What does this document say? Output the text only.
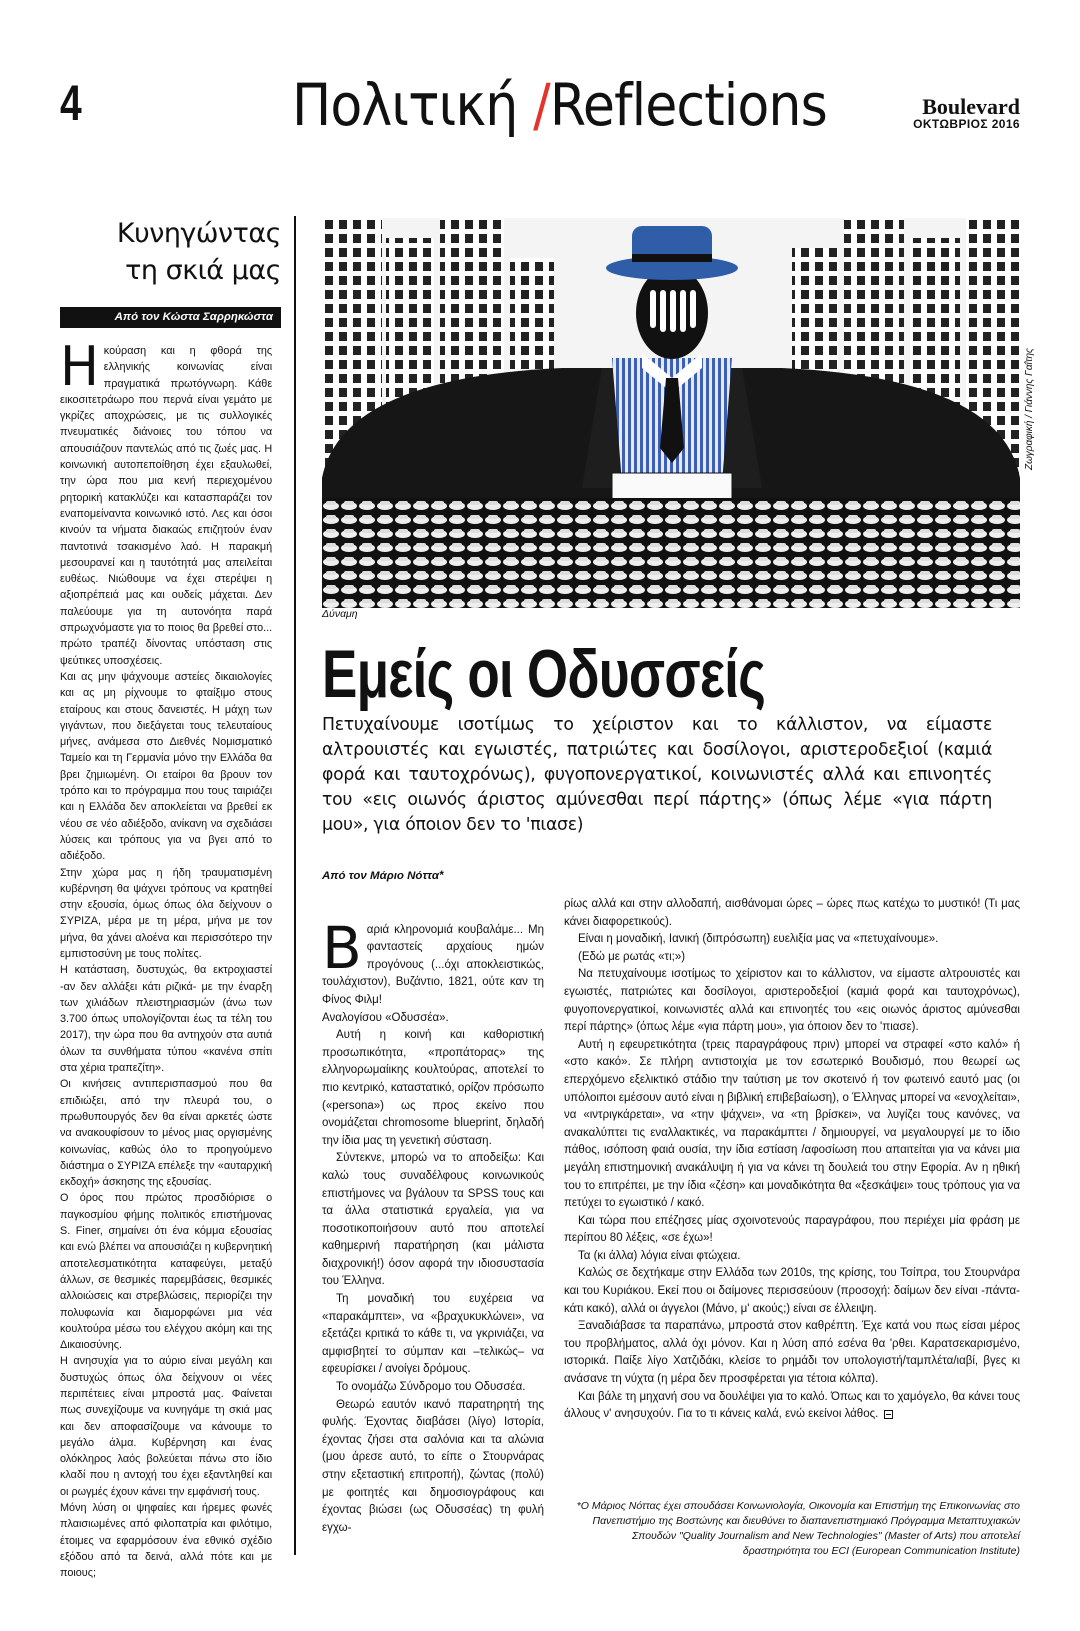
4	Πολιτική /Reflections	Boulevard
ΟΚΤΩΒΡΙΟΣ 2016
Κυνηγώντας
τη σκιά μας
Από τον Κώστα Σαρρηκώστα

Ηκούραση και η φθορά της ελληνικής κοινωνίας είναι πραγματικά πρωτόγνωρη. Κάθε εικοσιτετράωρο που περνά είναι γεμάτο με γκρίζες αποχρώσεις, με τις συλλογικές πνευματικές διάνοιες του τόπου να απουσιάζουν παντελώς από τις ζωές μας. Η κοινωνική αυτοπεποίθηση έχει εξαυλωθεί, την ώρα που μια κενή περιεχομένου ρητορική κατακλύζει και κατασπαράζει τον εναπομείναντα κοινωνικό ιστό. Λες και όσοι κινούν τα νήματα διακαώς επιζητούν έναν παντοτινά τσακισμένο λαό. Η παρακμή μεσουρανεί και η ταυτότητά μας απειλείται ευθέως. Νιώθουμε να έχει στερέψει η αξιοπρέπειά μας και ουδείς μάχεται. Δεν παλεύουμε για τη αυτονόητα παρά σπρωχνόμαστε για το ποιος θα βρεθεί στο... πρώτο τραπέζι δίνοντας υπόσταση στις ψεύτικες υποσχέσεις.

Και ας μην ψάχνουμε αστείες δικαιολογίες και ας μη ρίχνουμε το φταίξιμο στους εταίρους και στους δανειστές. Η μάχη των γιγάντων, που διεξάγεται τους τελευταίους μήνες, ανάμεσα στο Διεθνές Νομισματικό Ταμείο και τη Γερμανία μόνο την Ελλάδα θα βρει ζημιωμένη. Οι εταίροι θα βρουν τον τρόπο και το πρόγραμμα που τους ταιριάζει και η Ελλάδα δεν αποκλείεται να βρεθεί εκ νέου σε νέο αδιέξοδο, ανίκανη να σχεδιάσει λύσεις και τρόπους για να βγει από το αδιέξοδο.

Στην χώρα μας η ήδη τραυματισμένη κυβέρνηση θα ψάχνει τρόπους να κρατηθεί στην εξουσία, όμως όπως όλα δείχνουν ο ΣΥΡΙΖΑ, μέρα με τη μέρα, μήνα με τον μήνα, θα χάνει αλοένα και περισσότερο την εμπιστοσύνη με τους πολίτες.

Η κατάσταση, δυστυχώς, θα εκτροχιαστεί -αν δεν αλλάξει κάτι ριζικά- με την έναρξη των χιλιάδων πλειστηριασμών (άνω των 3.700 όπως υπολογίζονται έως τα τέλη του 2017), την ώρα που θα αντηχούν στα αυτιά όλων τα συνθήματα τύπου «κανένα σπίτι στα χέρια τραπεζίτη».

Οι κινήσεις αντιπερισπασμού που θα επιδιώξει, από την πλευρά του, ο πρωθυπουργός δεν θα είναι αρκετές ώστε να ανακουφίσουν το μένος μιας οργισμένης κοινωνίας, καθώς όλο το προηγούμενο διάστημα ο ΣΥΡΙΖΑ επέλεξε την «αυταρχική εκδοχή» άσκησης της εξουσίας.

Ο όρος που πρώτος προσδιόρισε ο παγκοσμίου φήμης πολιτικός επιστήμονας S. Finer, σημαίνει ότι ένα κόμμα εξουσίας και ενώ βλέπει να απουσιάζει η κυβερνητική αποτελεσματικότητα καταφεύγει, μεταξύ άλλων, σε θεσμικές παρεμβάσεις, θεσμικές αλλοιώσεις και στρεβλώσεις, περιορίζει την πολυφωνία και διαμορφώνει μια νέα κουλτούρα μέσω του ελέγχου ακόμη και της Δικαιοσύνης.

Η ανησυχία για το αύριο είναι μεγάλη και δυστυχώς όπως όλα δείχνουν οι νέες περιπέτειες είναι μπροστά μας. Φαίνεται πως συνεχίζουμε να κυνηγάμε τη σκιά μας και δεν αποφασίζουμε να κάνουμε το μεγάλο άλμα. Κυβέρνηση και ένας ολόκληρος λαός βολεύεται πάνω στο ίδιο κλαδί που η αντοχή του έχει εξαντληθεί και οι ρωγμές έχουν κάνει την εμφάνισή τους.

Μόνη λύση οι ψηφαίες και ήρεμες φωνές πλαισιωμένες από φιλοπατρία και φιλότιμο, έτοιμες να εφαρμόσουν ένα εθνικό σχέδιο εξόδου από τα δεινά, αλλά πότε και με ποιους;

Ζωγραφική / Γιάννης Γαΐτης
Δύναμη
Εμείς οι Οδυσσείς
Πετυχαίνουμε ισοτίμως το χείριστον και το κάλλιστον, να είμαστε αλτρουιστές και εγωιστές, πατριώτες και δοσίλογοι, αριστεροδεξιοί (καμιά φορά και ταυτοχρόνως), φυγοπονεργατικοί, κοινωνιστές αλλά και επινοητές του «εις οιωνός άριστος αμύνεσθαι περί πάρτης» (όπως λέμε «για πάρτη μου», για όποιον δεν το 'πιασε)

Από τον Μάριο Νόττα*

Βαριά κληρονομιά κουβαλάμε... Μη φανταστείς αρχαίους ημών προγόνους (...όχι αποκλειστικώς, τουλάχιστον), Βυζάντιο, 1821, ούτε καν τη Φίνος Φιλμ!

Αναλογίσου «Οδυσσέα».

Αυτή η κοινή και καθοριστική προσωπικότητα, «προπάτορας» της ελληνορωμαίικης κουλτούρας, αποτελεί το πιο κεντρικό, καταστατικό, ορίζον πρόσωπο («persona») ως προς εκείνο που ονομάζεται chromosome blueprint, δηλαδή την ίδια μας τη γενετική σύσταση.

Σύντεκνε, μπορώ να το αποδείξω: Και καλώ τους συναδέλφους κοινωνικούς επιστήμονες να βγάλουν τα SPSS τους και τα άλλα στατιστικά εργαλεία, για να ποσοτικοποιήσουν αυτό που αποτελεί καθημερινή παρατήρηση (και μάλιστα διαχρονική!) όσον αφορά την ιδιοσυστασία του Έλληνα.

Τη μοναδική του ευχέρεια να «παρακάμπτει», να «βραχυκυκλώνει», να εξετάζει κριτικά το κάθε τι, να γκρινιάζει, να αμφισβητεί το σύμπαν και –τελικώς– να εφευρίσκει / ανοίγει δρόμους.

Το ονομάζω Σύνδρομο του Οδυσσέα.

Θεωρώ εαυτόν ικανό παρατηρητή της φυλής. Έχοντας διαβάσει (λίγο) Ιστορία, έχοντας ζήσει στα σαλόνια και τα αλώνια (μου άρεσε αυτό, το είπε ο Στουρνάρας στην εξεταστική επιτροπή), ζώντας (πολύ) με φοιτητές και δημοσιογράφους και έχοντας βιώσει (ως Οδυσσέας) τη φυλή εγχω-

ρίως αλλά και στην αλλοδαπή, αισθάνομαι ώρες – ώρες πως κατέχω το μυστικό! (Τι μας κάνει διαφορετικούς).

Είναι η μοναδική, Ιανική (διπρόσωπη) ευελιξία μας να «πετυχαίνουμε».

(Εδώ με ρωτάς «τι;»)

Να πετυχαίνουμε ισοτίμως το χείριστον και το κάλλιστον, να είμαστε αλτρουιστές και εγωιστές, πατριώτες και δοσίλογοι, αριστεροδεξιοί (καμιά φορά και ταυτοχρόνως), φυγοπονεργατικοί, κοινωνιστές αλλά και επινοητές του «εις οιωνός άριστος αμύνεσθαι περί πάρτης» (όπως λέμε «για πάρτη μου», για όποιον δεν το 'πιασε).

Αυτή η εφευρετικότητα (τρεις παραγράφους πριν) μπορεί να στραφεί «στο καλό» ή «στο κακό». Σε πλήρη αντιστοιχία με τον εσωτερικό Βουδισμό, που θεωρεί ως επερχόμενο εξελικτικό στάδιο την ταύτιση με τον σκοτεινό ή τον φωτεινό εαυτό μας (οι υπόλοιποι εμέσουν αυτό είναι η βιβλική επιβεβαίωση), ο Έλληνας μπορεί να «ενοχλείται», να «ιντριγκάρεται», να «την ψάχνει», να «τη βρίσκει», να λυγίζει τους κανόνες, να ανακαλύπτει τις εναλλακτικές, να παρακάμπτει / δημιουργεί, να μεγαλουργεί με το ίδιο πάθος, ισόποση φαιά ουσία, την ίδια εστίαση /αφοσίωση που απαιτείται για να κάνει μια μεγάλη επιστημονική ανακάλυψη ή για να κάνει τη δουλειά του στην Εφορία. Αν η ηθική του το επιτρέπει, με την ίδια «ζέση» και μοναδικότητα θα «ξεσκάψει» τους τρόπους για να πετύχει το εγωιστικό / κακό.

Και τώρα που επέζησες μίας σχοινοτενούς παραγράφου, που περιέχει μία φράση με περίπου 80 λέξεις, «σε έχω»!

Τα (κι άλλα) λόγια είναι φτώχεια.

Καλώς σε δεχτήκαμε στην Ελλάδα των 2010s, της κρίσης, του Τσίπρα, του Στουρνάρα και του Κυριάκου. Εκεί που οι δαίμονες περισσεύουν (προσοχή: δαίμων δεν είναι -πάντα- κάτι κακό), αλλά οι άγγελοι (Μάνο, μ' ακούς;) είναι σε έλλειψη.

Ξαναδιάβασε τα παραπάνω, μπροστά στον καθρέπτη. Έχε κατά νου πως είσαι μέρος του προβλήματος, αλλά όχι μόνον. Και η λύση από εσένα θα 'ρθει. Καρατσεκαρισμένο, ιστορικά. Παίξε λίγο Χατζιδάκι, κλείσε το ρημάδι τον υπολογιστή/ταμπλέτα/ιαβί, βγες κι ανάσανε τη νύχτα (η μέρα δεν προσφέρεται για τέτοια κόλπα).

Και βάλε τη μηχανή σου να δουλέψει για το καλό. Όπως και το χαμόγελο, θα κάνει τους άλλους ν' ανησυχούν. Για το τι κάνεις καλά, ενώ εκείνοι λάθος.

*Ο Μάριος Νόττας έχει σπουδάσει Κοινωνιολογία, Οικονομία και Επιστήμη της Επικοινωνίας στο Πανεπιστήμιο της Βοστώνης και διευθύνει το διαπανεπιστημιακό Πρόγραμμα Μεταπτυχιακών Σπουδών "Quality Journalism and New Technologies" (Master of Arts) που αποτελεί δραστηριότητα του ECI (European Communication Institute)
